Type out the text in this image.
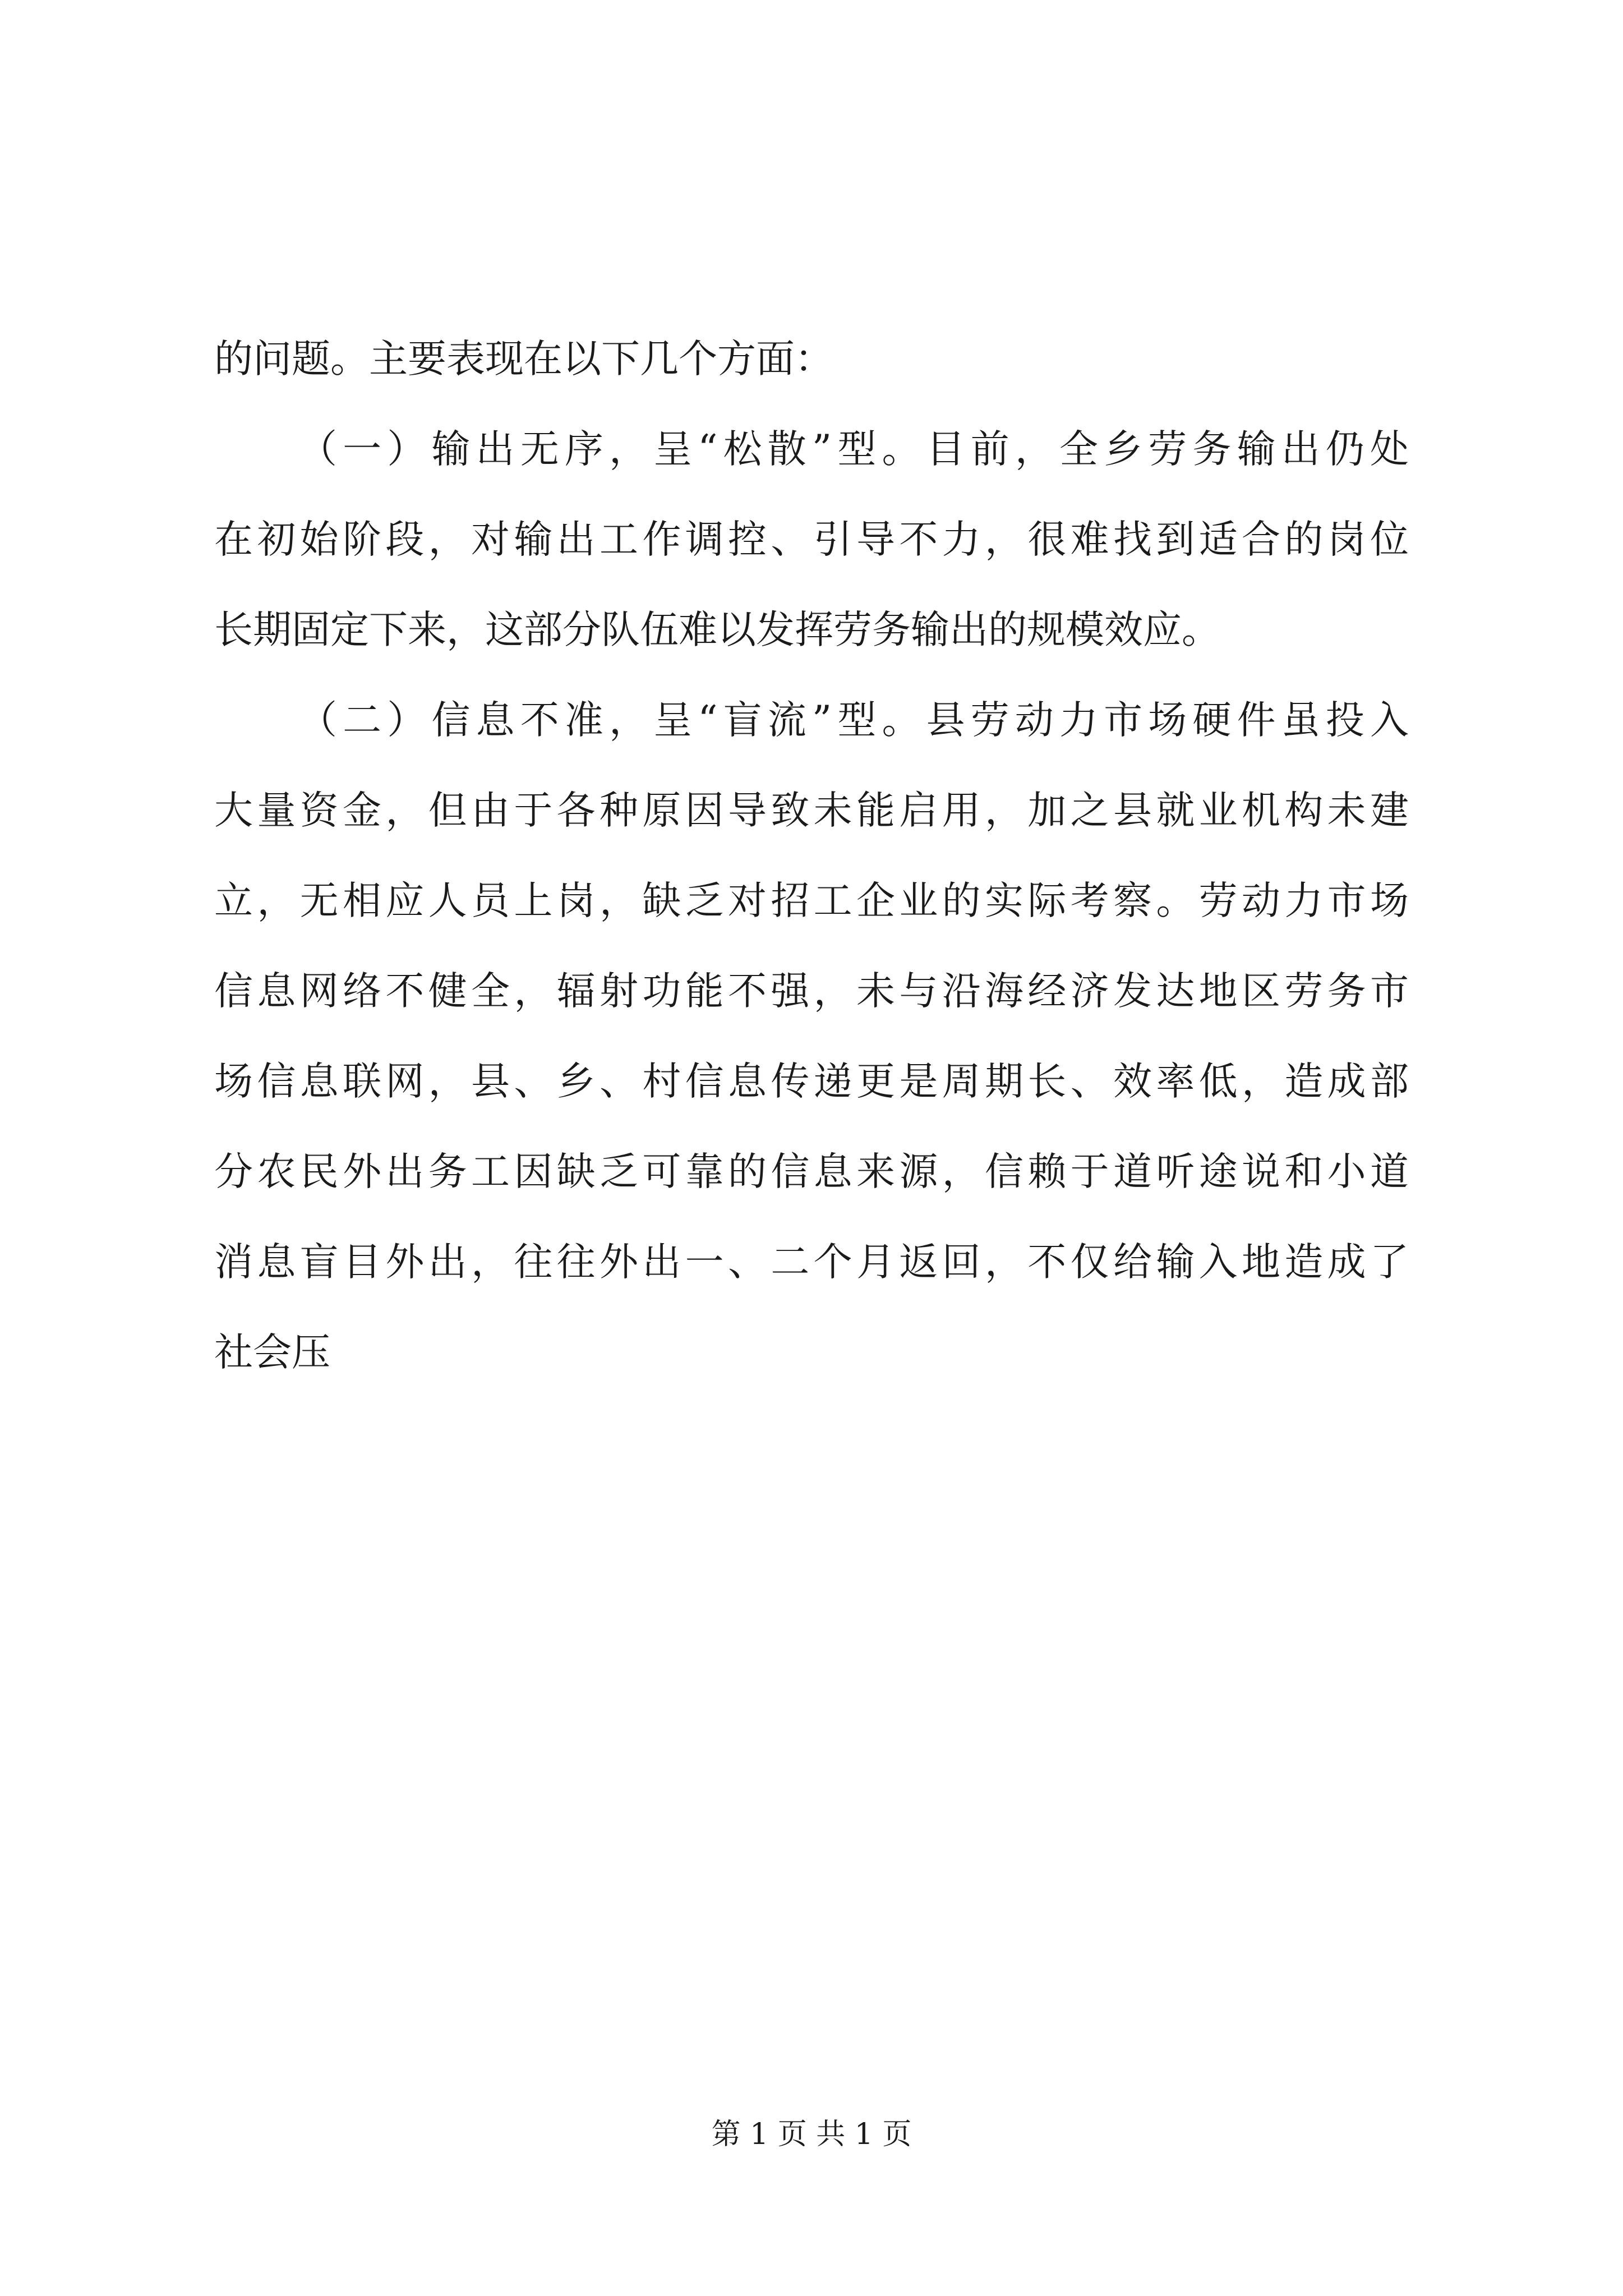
的问题。主要表现在以下几个方面：
（一）输出无序，呈“松散”型。目前，全乡劳务输出仍处
在初始阶段，对输出工作调控、引导不力，很难找到适合的岗位
长期固定下来，这部分队伍难以发挥劳务输出的规模效应。
（二）信息不准，呈“盲流”型。县劳动力市场硬件虽投入
大量资金，但由于各种原因导致未能启用，加之县就业机构未建
立，无相应人员上岗，缺乏对招工企业的实际考察。劳动力市场
信息网络不健全，辐射功能不强，未与沿海经济发达地区劳务市
场信息联网，县、乡、村信息传递更是周期长、效率低，造成部
分农民外出务工因缺乏可靠的信息来源，信赖于道听途说和小道
消息盲目外出，往往外出一、二个月返回，不仅给输入地造成了
社会压
第 1 页 共 1 页
